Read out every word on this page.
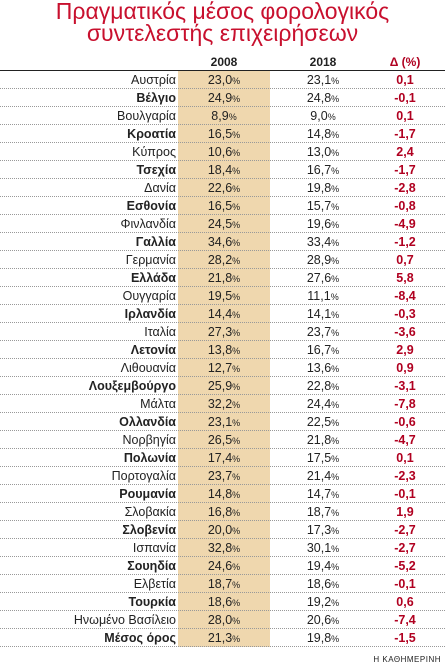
Πραγματικός μέσος φορολογικός
συντελεστής επιχειρήσεων
2008	2018	Δ (%)
Αυστρία	23,0%	23,1%	0,1
Βέλγιο	24,9%	24,8%	-0,1
Βουλγαρία	8,9%	9,0%	0,1
Κροατία	16,5%	14,8%	-1,7
Κύπρος	10,6%	13,0%	2,4
Τσεχία	18,4%	16,7%	-1,7
Δανία	22,6%	19,8%	-2,8
Εσθονία	16,5%	15,7%	-0,8
Φινλανδία	24,5%	19,6%	-4,9
Γαλλία	34,6%	33,4%	-1,2
Γερμανία	28,2%	28,9%	0,7
Ελλάδα	21,8%	27,6%	5,8
Ουγγαρία	19,5%	11,1%	-8,4
Ιρλανδία	14,4%	14,1%	-0,3
Ιταλία	27,3%	23,7%	-3,6
Λετονία	13,8%	16,7%	2,9
Λιθουανία	12,7%	13,6%	0,9
Λουξεμβούργο	25,9%	22,8%	-3,1
Μάλτα	32,2%	24,4%	-7,8
Ολλανδία	23,1%	22,5%	-0,6
Νορβηγία	26,5%	21,8%	-4,7
Πολωνία	17,4%	17,5%	0,1
Πορτογαλία	23,7%	21,4%	-2,3
Ρουμανία	14,8%	14,7%	-0,1
Σλοβακία	16,8%	18,7%	1,9
Σλοβενία	20,0%	17,3%	-2,7
Ισπανία	32,8%	30,1%	-2,7
Σουηδία	24,6%	19,4%	-5,2
Ελβετία	18,7%	18,6%	-0,1
Τουρκία	18,6%	19,2%	0,6
Ηνωμένο Βασίλειο	28,0%	20,6%	-7,4
Μέσος όρος	21,3%	19,8%	-1,5
Η ΚΑΘΗΜΕΡΙΝΗ
